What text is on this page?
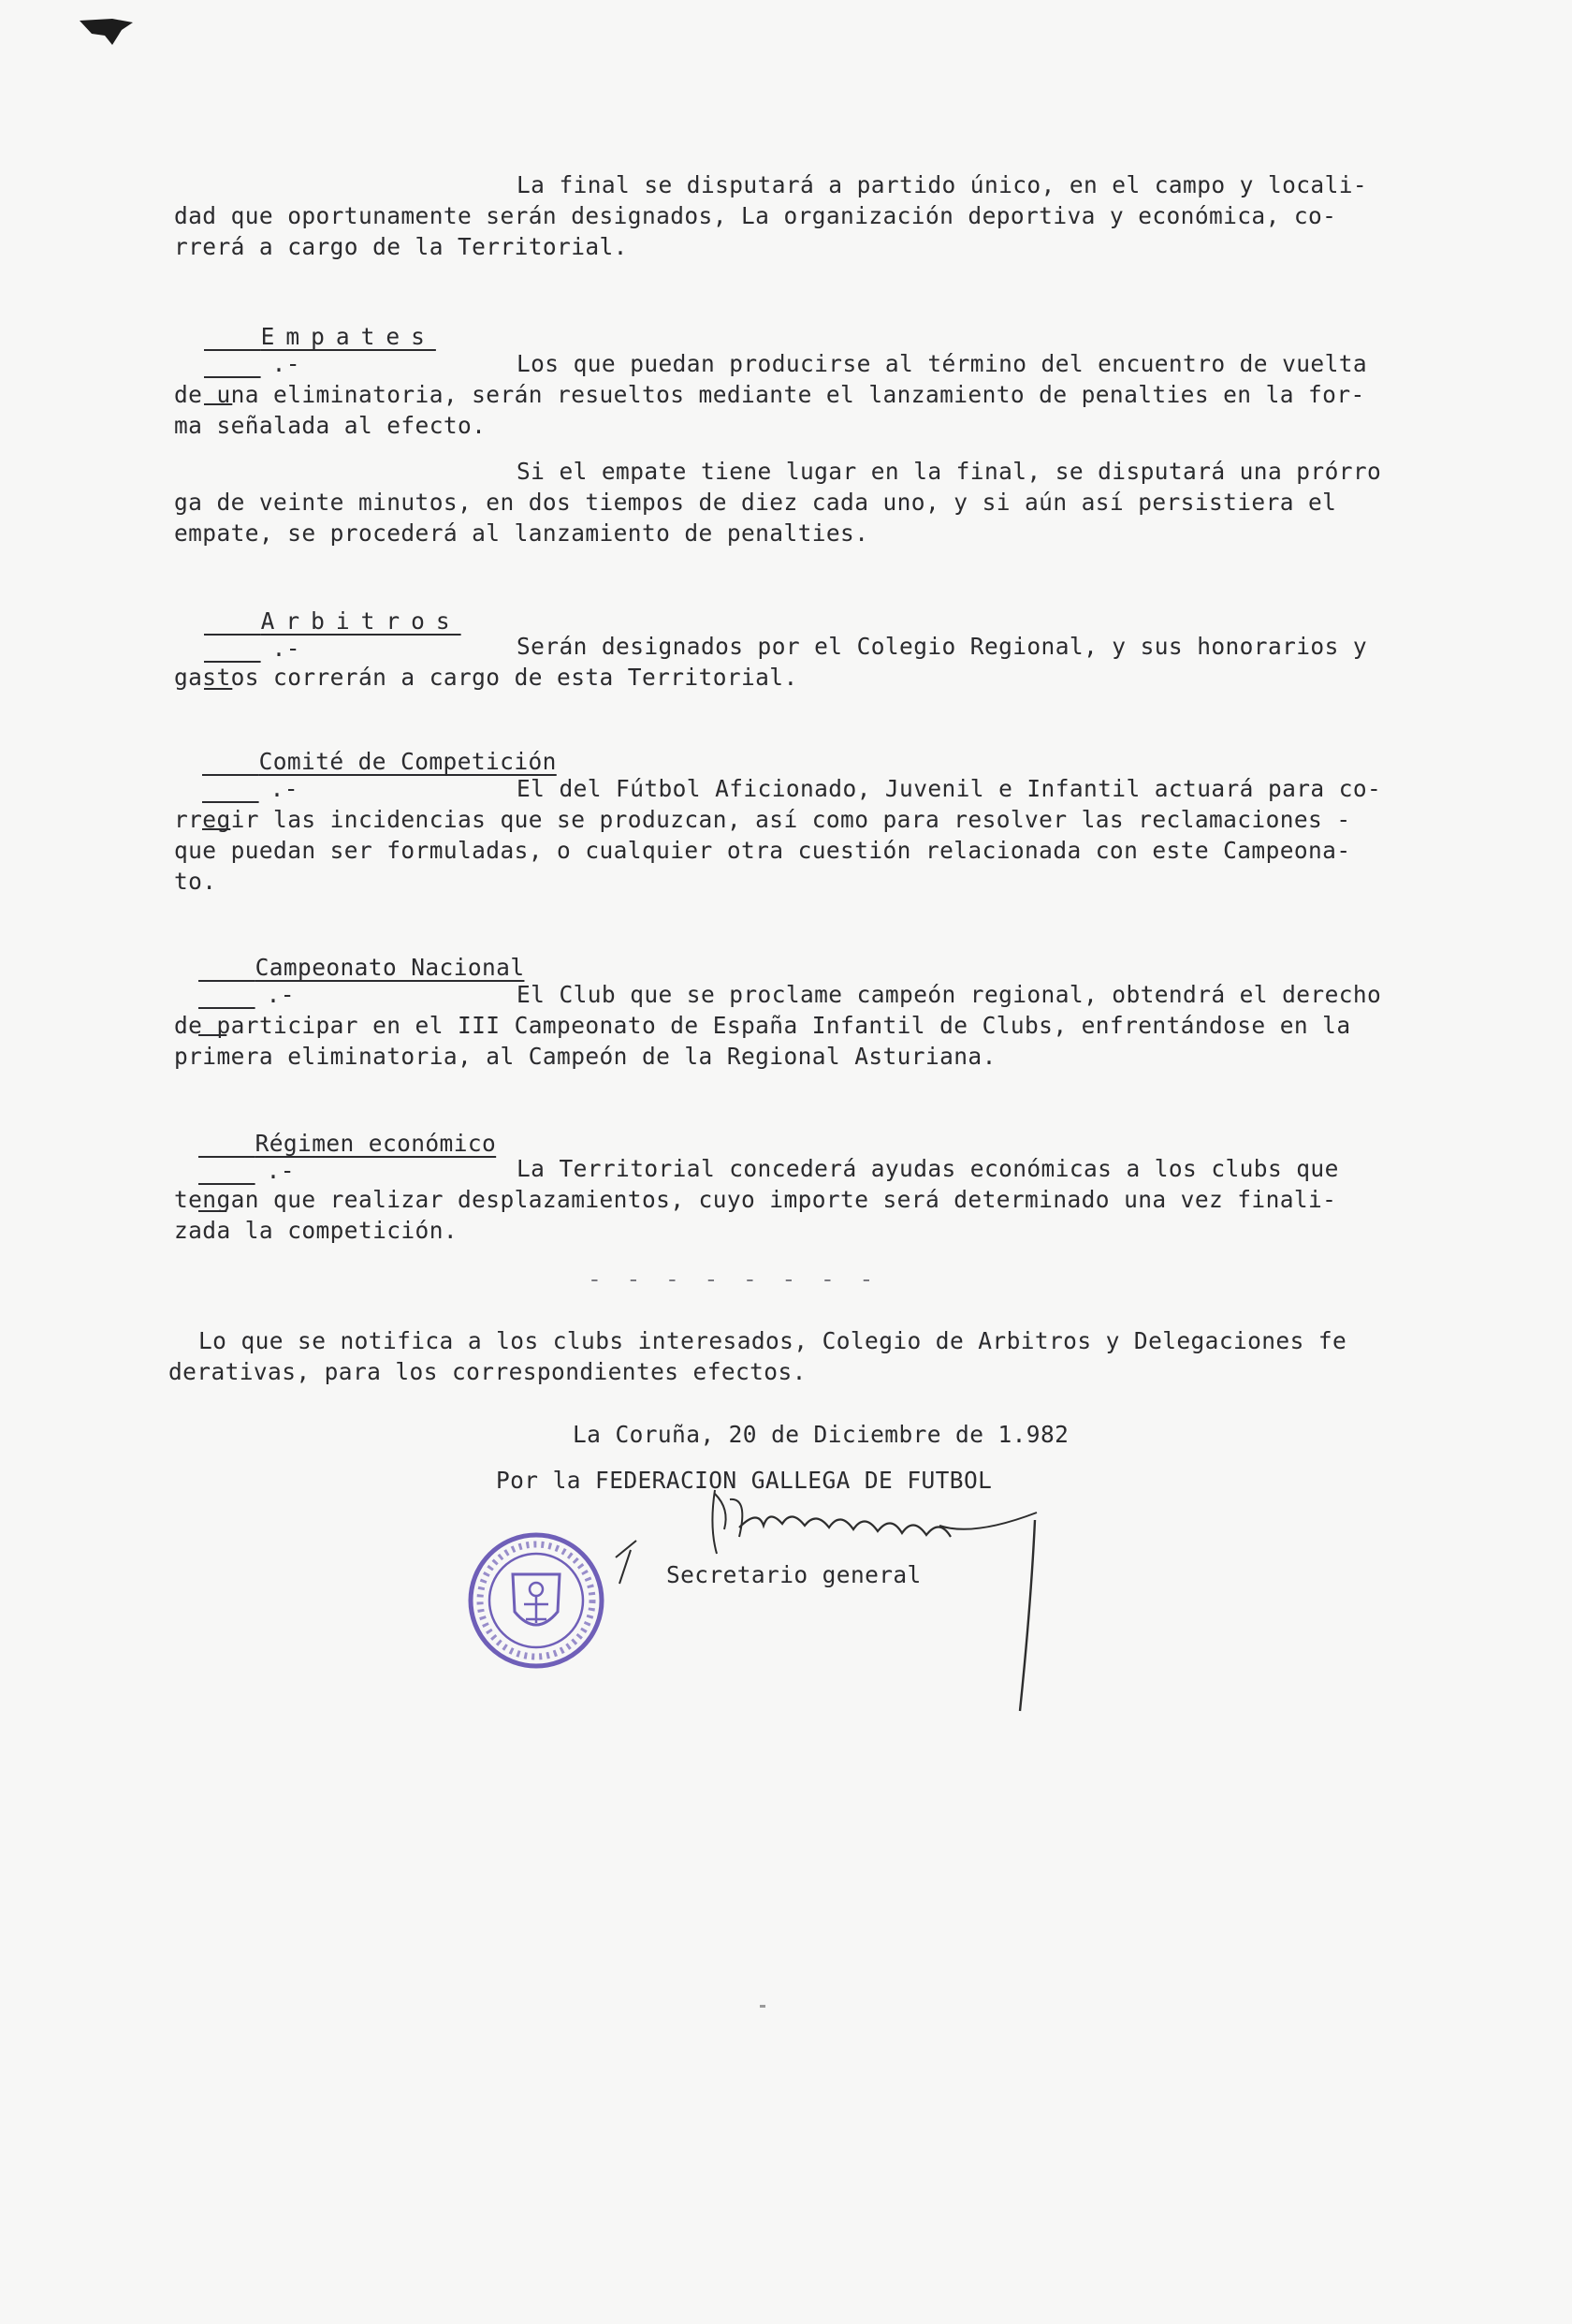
La final se disputará a partido único, en el campo y locali-
dad que oportunamente serán designados, La organización deportiva y económica, co-
rrerá a cargo de la Territorial.

Empates
.-
	Los que puedan producirse al término del encuentro de vuelta
de una eliminatoria, serán resueltos mediante el lanzamiento de penalties en la for-
ma señalada al efecto.
Si el empate tiene lugar en la final, se disputará una prórro
ga de veinte minutos, en dos tiempos de diez cada uno, y si aún así persistiera el
empate, se procederá al lanzamiento de penalties.

Arbitros
.-
	Serán designados por el Colegio Regional, y sus honorarios y
gastos correrán a cargo de esta Territorial.

Comité de Competición
.-
	El del Fútbol Aficionado, Juvenil e Infantil actuará para co-
rregir las incidencias que se produzcan, así como para resolver las reclamaciones -
que puedan ser formuladas, o cualquier otra cuestión relacionada con este Campeona-
to.

Campeonato Nacional
.-
	El Club que se proclame campeón regional, obtendrá el derecho
de participar en el III Campeonato de España Infantil de Clubs, enfrentándose en la
primera eliminatoria, al Campeón de la Regional Asturiana.

Régimen económico
.-
	La Territorial concederá ayudas económicas a los clubs que
tengan que realizar desplazamientos, cuyo importe será determinado una vez finali-
zada la competición.
- - - - - - - -
Lo que se notifica a los clubs interesados, Colegio de Arbitros y Delegaciones fe
derativas, para los correspondientes efectos.
La Coruña, 20 de Diciembre de 1.982
Por la FEDERACION GALLEGA DE FUTBOL
Secretario general
